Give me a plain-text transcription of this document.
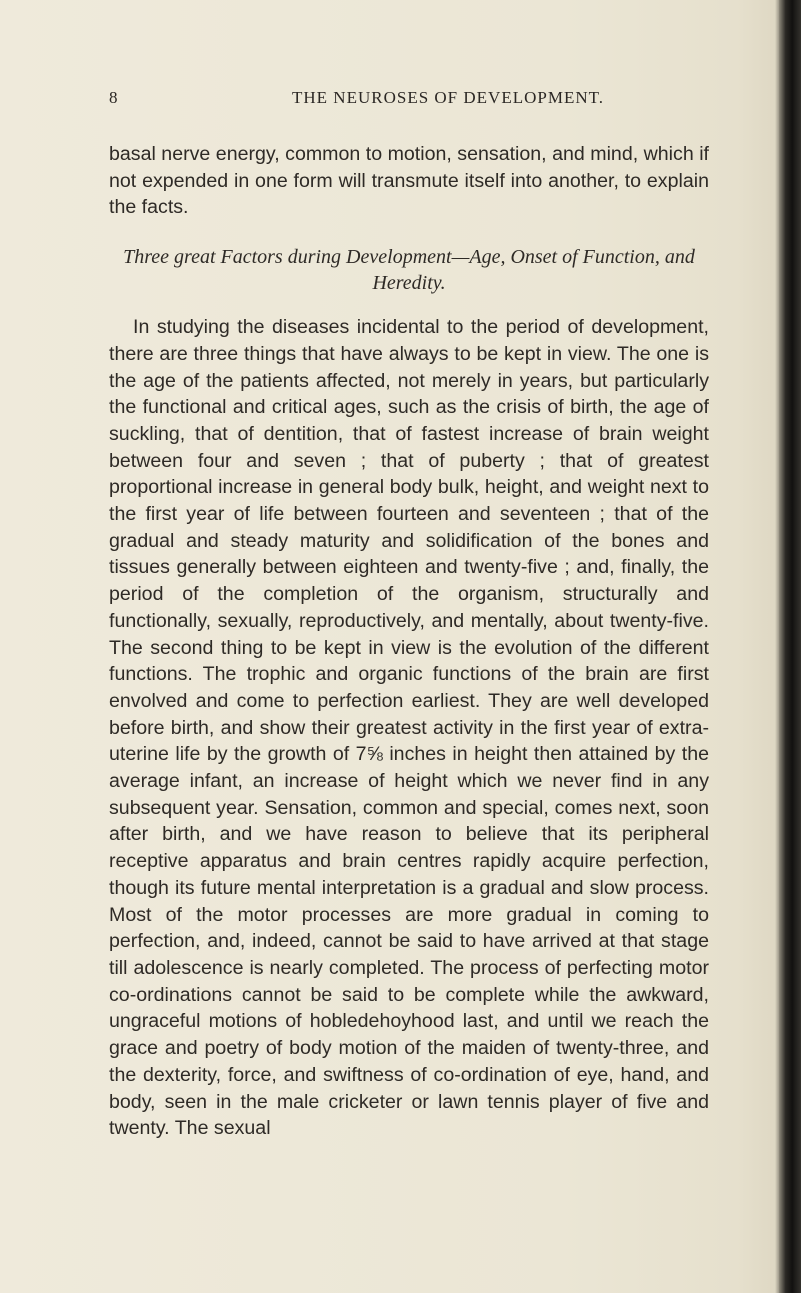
8	THE NEUROSES OF DEVELOPMENT.

basal nerve energy, common to motion, sensation, and mind, which if not expended in one form will transmute itself into another, to explain the facts.

Three great Factors during Development—Age, Onset of Function, and Heredity.

In studying the diseases incidental to the period of development, there are three things that have always to be kept in view. The one is the age of the patients affected, not merely in years, but particularly the functional and critical ages, such as the crisis of birth, the age of suckling, that of dentition, that of fastest increase of brain weight between four and seven ; that of puberty ; that of greatest proportional increase in general body bulk, height, and weight next to the first year of life between fourteen and seventeen ; that of the gradual and steady maturity and solidification of the bones and tissues generally between eighteen and twenty-five ; and, finally, the period of the completion of the organism, structurally and functionally, sexually, reproductively, and mentally, about twenty-five. The second thing to be kept in view is the evolution of the different functions. The trophic and organic functions of the brain are first envolved and come to perfection earliest. They are well developed before birth, and show their greatest activity in the first year of extra-uterine life by the growth of 7⅝ inches in height then attained by the average infant, an increase of height which we never find in any subsequent year. Sensation, common and special, comes next, soon after birth, and we have reason to believe that its peripheral receptive apparatus and brain centres rapidly acquire perfection, though its future mental interpretation is a gradual and slow process. Most of the motor processes are more gradual in coming to perfection, and, indeed, cannot be said to have arrived at that stage till adolescence is nearly completed. The process of perfecting motor co-ordinations cannot be said to be complete while the awkward, ungraceful motions of hobledehoyhood last, and until we reach the grace and poetry of body motion of the maiden of twenty-three, and the dexterity, force, and swiftness of co-ordination of eye, hand, and body, seen in the male cricketer or lawn tennis player of five and twenty. The sexual
